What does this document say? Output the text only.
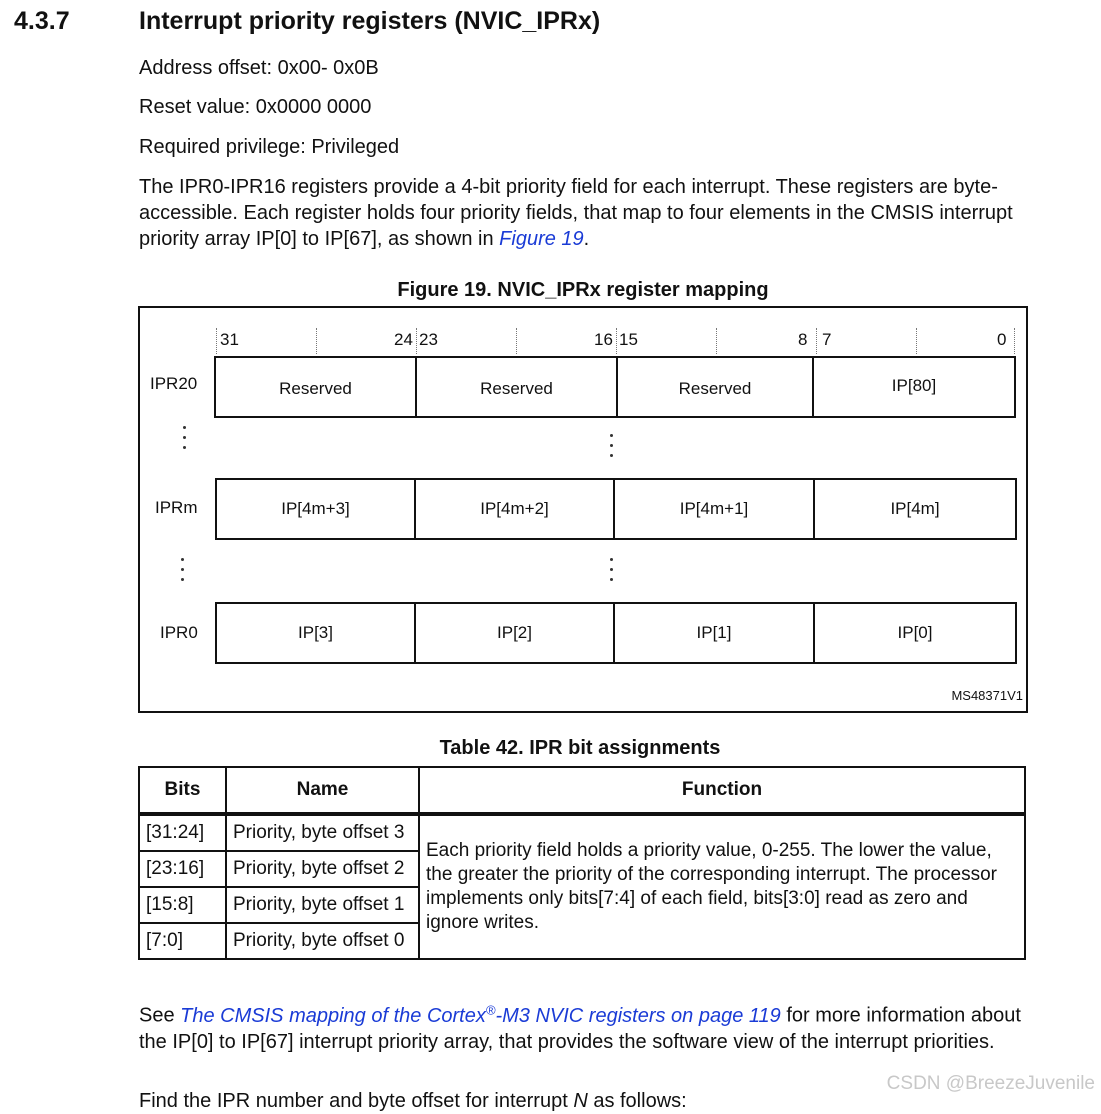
4.3.7	Interrupt priority registers (NVIC_IPRx)
Address offset: 0x00- 0x0B
Reset value: 0x0000 0000
Required privilege: Privileged
The IPR0-IPR16 registers provide a 4-bit priority field for each interrupt. These registers are byte-accessible. Each register holds four priority fields, that map to four elements in the CMSIS interrupt priority array IP[0] to IP[67], as shown in Figure 19.
Figure 19. NVIC_IPRx register mapping
31	24 23	16 15	8 7	0
IPR20	Reserved	Reserved	Reserved	IP[80]
IPRm	IP[4m+3]	IP[4m+2]	IP[4m+1]	IP[4m]
IPR0	IP[3]	IP[2]	IP[1]	IP[0]
MS48371V1
Table 42. IPR bit assignments
Bits	Name	Function
[31:24]	Priority, byte offset 3	Each priority field holds a priority value, 0-255. The lower the value, the greater the priority of the corresponding interrupt. The processor implements only bits[7:4] of each field, bits[3:0] read as zero and ignore writes.
[23:16]	Priority, byte offset 2	
[15:8]	Priority, byte offset 1	
[7:0]	Priority, byte offset 0	
See The CMSIS mapping of the Cortex®-M3 NVIC registers on page 119 for more information about the IP[0] to IP[67] interrupt priority array, that provides the software view of the interrupt priorities.
Find the IPR number and byte offset for interrupt N as follows:
CSDN @BreezeJuvenile
